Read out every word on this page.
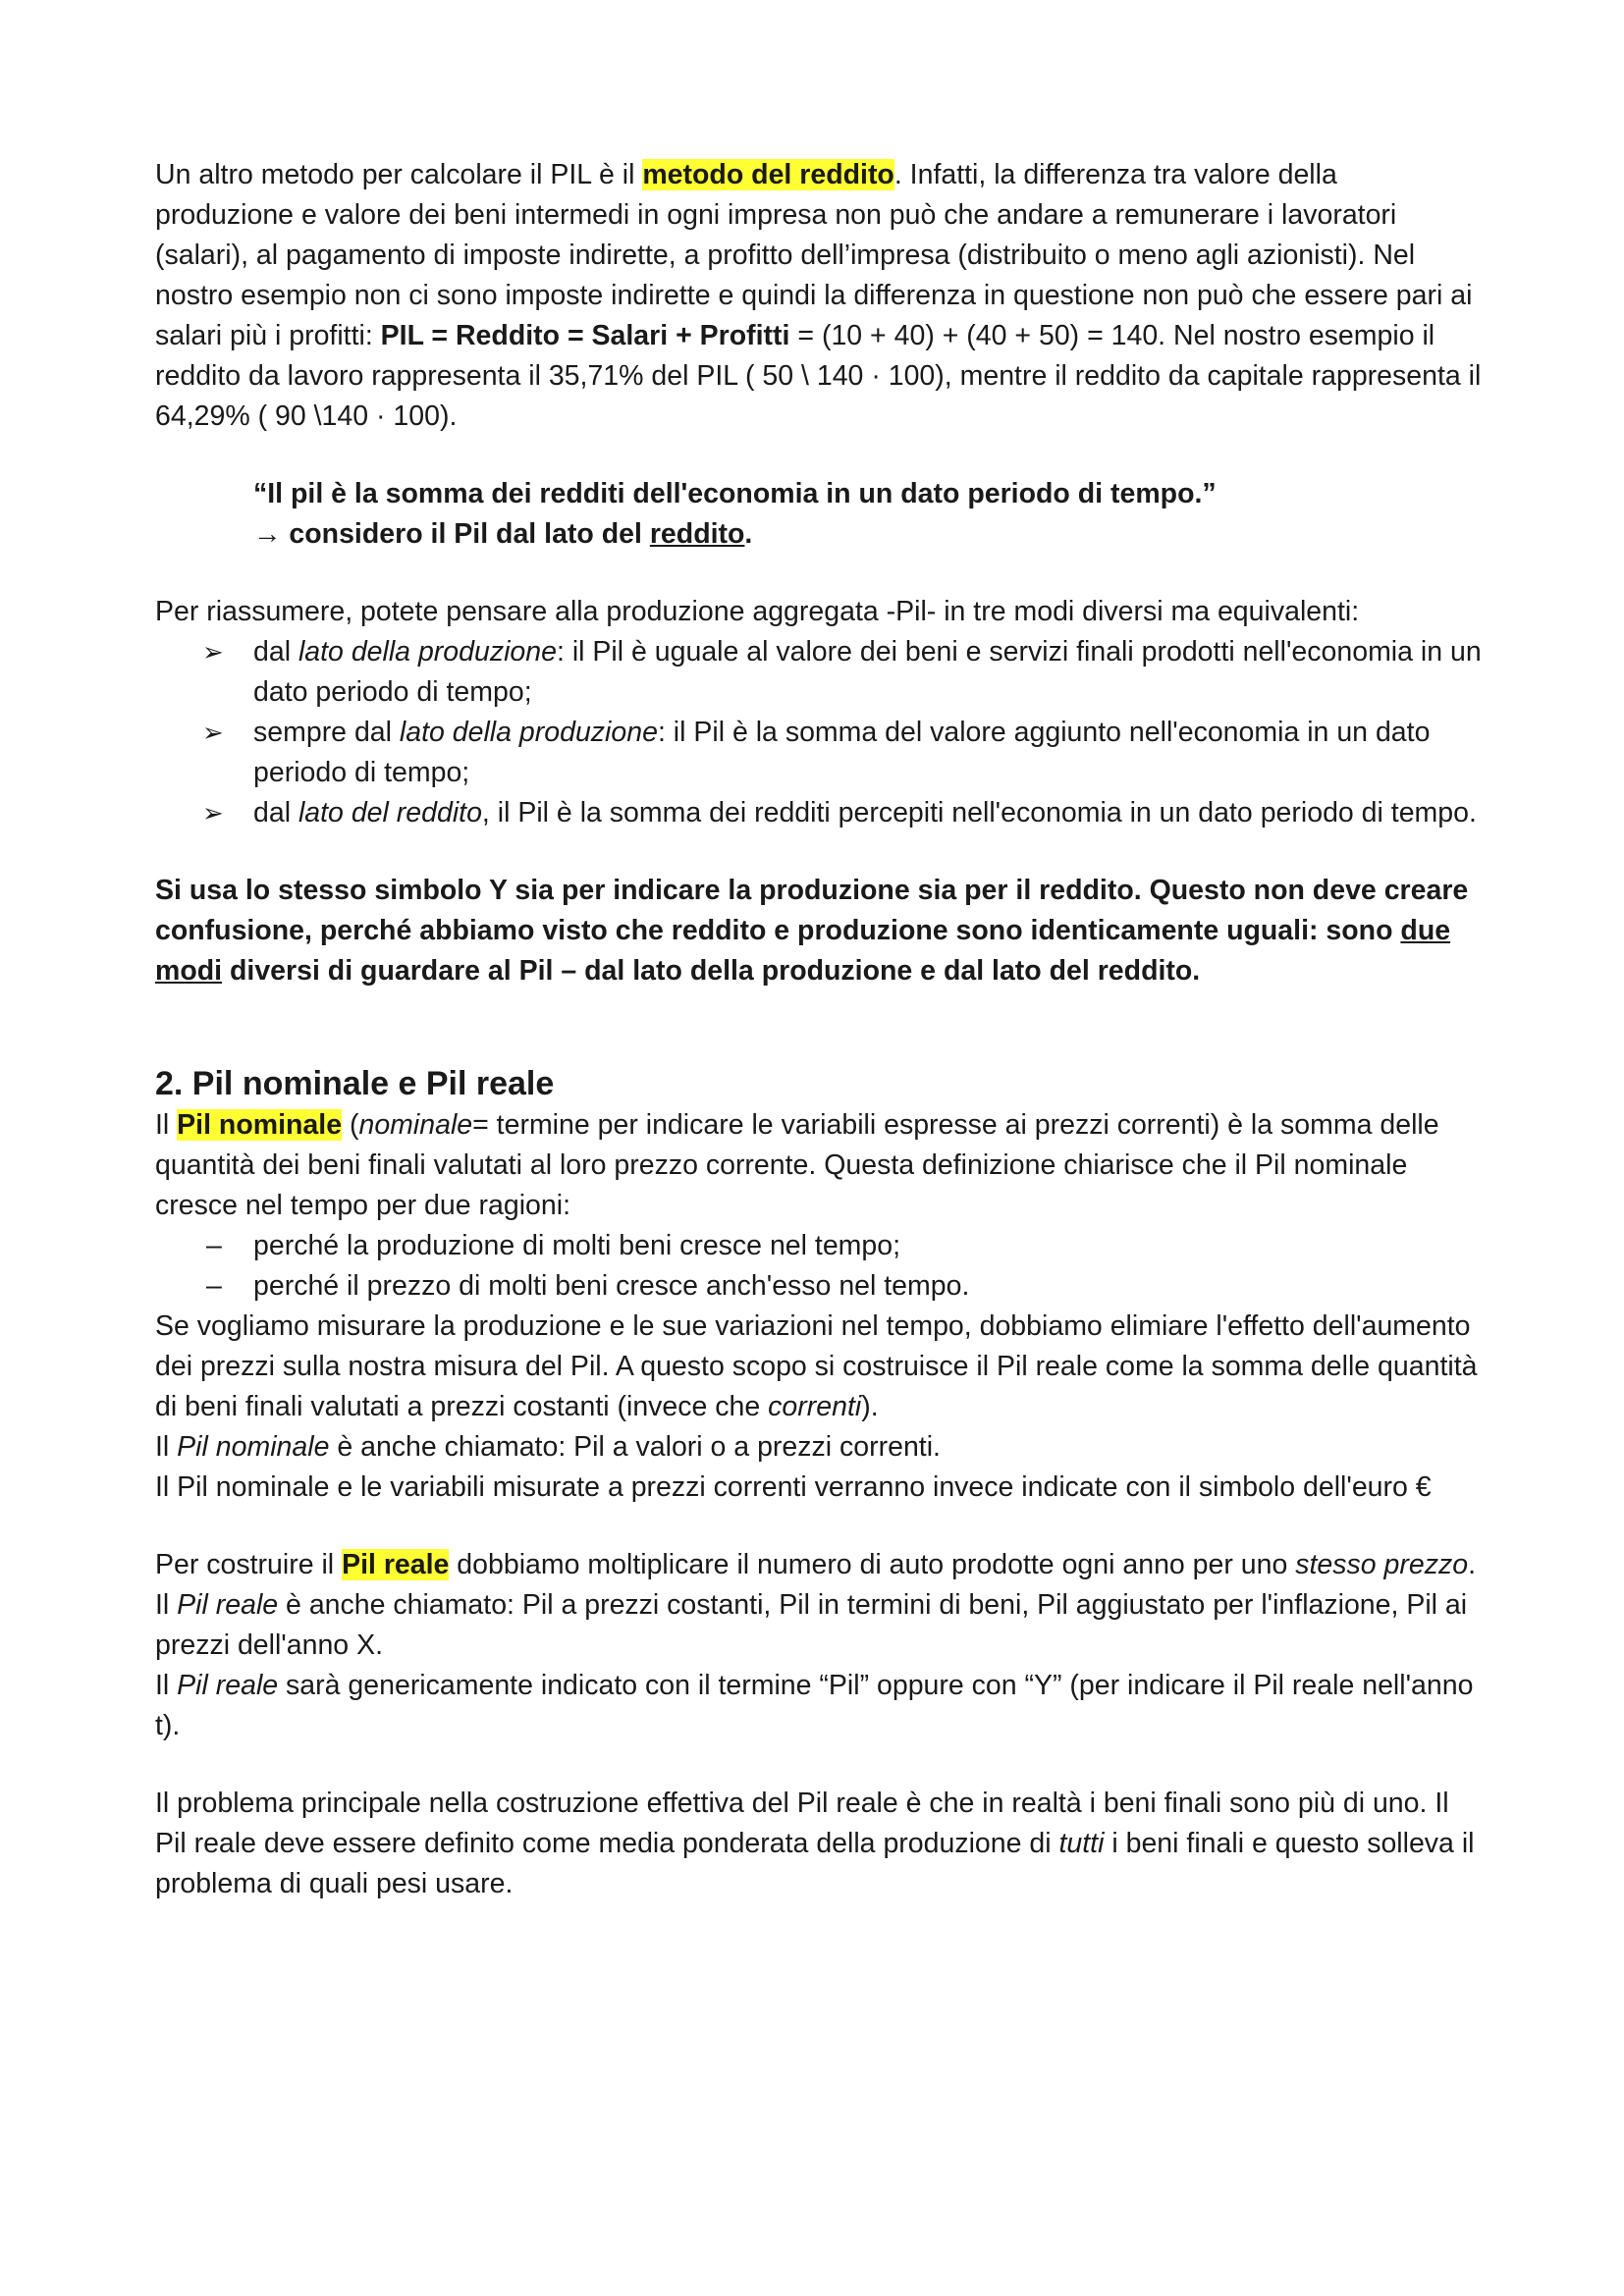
Un altro metodo per calcolare il PIL è il metodo del reddito. Infatti, la differenza tra valore della produzione e valore dei beni intermedi in ogni impresa non può che andare a remunerare i lavoratori (salari), al pagamento di imposte indirette, a profitto dell’impresa (distribuito o meno agli azionisti). Nel nostro esempio non ci sono imposte indirette e quindi la differenza in questione non può che essere pari ai salari più i profitti: PIL = Reddito = Salari + Profitti = (10 + 40) + (40 + 50) = 140. Nel nostro esempio il reddito da lavoro rappresenta il 35,71% del PIL ( 50 \ 140 · 100), mentre il reddito da capitale rappresenta il 64,29% ( 90 \140 · 100).

“Il pil è la somma dei redditi dell'economia in un dato periodo di tempo.”
→ considero il Pil dal lato del reddito.

Per riassumere, potete pensare alla produzione aggregata -Pil- in tre modi diversi ma equivalenti:

➢ dal lato della produzione: il Pil è uguale al valore dei beni e servizi finali prodotti nell'economia in un dato periodo di tempo;
➢ sempre dal lato della produzione: il Pil è la somma del valore aggiunto nell'economia in un dato periodo di tempo;
➢ dal lato del reddito, il Pil è la somma dei redditi percepiti nell'economia in un dato periodo di tempo.

Si usa lo stesso simbolo Y sia per indicare la produzione sia per il reddito. Questo non deve creare confusione, perché abbiamo visto che reddito e produzione sono identicamente uguali: sono due modi diversi di guardare al Pil – dal lato della produzione e dal lato del reddito.

2. Pil nominale e Pil reale

Il Pil nominale (nominale= termine per indicare le variabili espresse ai prezzi correnti) è la somma delle quantità dei beni finali valutati al loro prezzo corrente. Questa definizione chiarisce che il Pil nominale cresce nel tempo per due ragioni:

– perché la produzione di molti beni cresce nel tempo;
– perché il prezzo di molti beni cresce anch'esso nel tempo.

Se vogliamo misurare la produzione e le sue variazioni nel tempo, dobbiamo elimiare l'effetto dell'aumento dei prezzi sulla nostra misura del Pil. A questo scopo si costruisce il Pil reale come la somma delle quantità di beni finali valutati a prezzi costanti (invece che correnti).

Il Pil nominale è anche chiamato: Pil a valori o a prezzi correnti.

Il Pil nominale e le variabili misurate a prezzi correnti verranno invece indicate con il simbolo dell'euro €

Per costruire il Pil reale dobbiamo moltiplicare il numero di auto prodotte ogni anno per uno stesso prezzo.

Il Pil reale è anche chiamato: Pil a prezzi costanti, Pil in termini di beni, Pil aggiustato per l'inflazione, Pil ai prezzi dell'anno X.

Il Pil reale sarà genericamente indicato con il termine “Pil” oppure con “Y” (per indicare il Pil reale nell'anno t).

Il problema principale nella costruzione effettiva del Pil reale è che in realtà i beni finali sono più di uno. Il Pil reale deve essere definito come media ponderata della produzione di tutti i beni finali e questo solleva il problema di quali pesi usare.
